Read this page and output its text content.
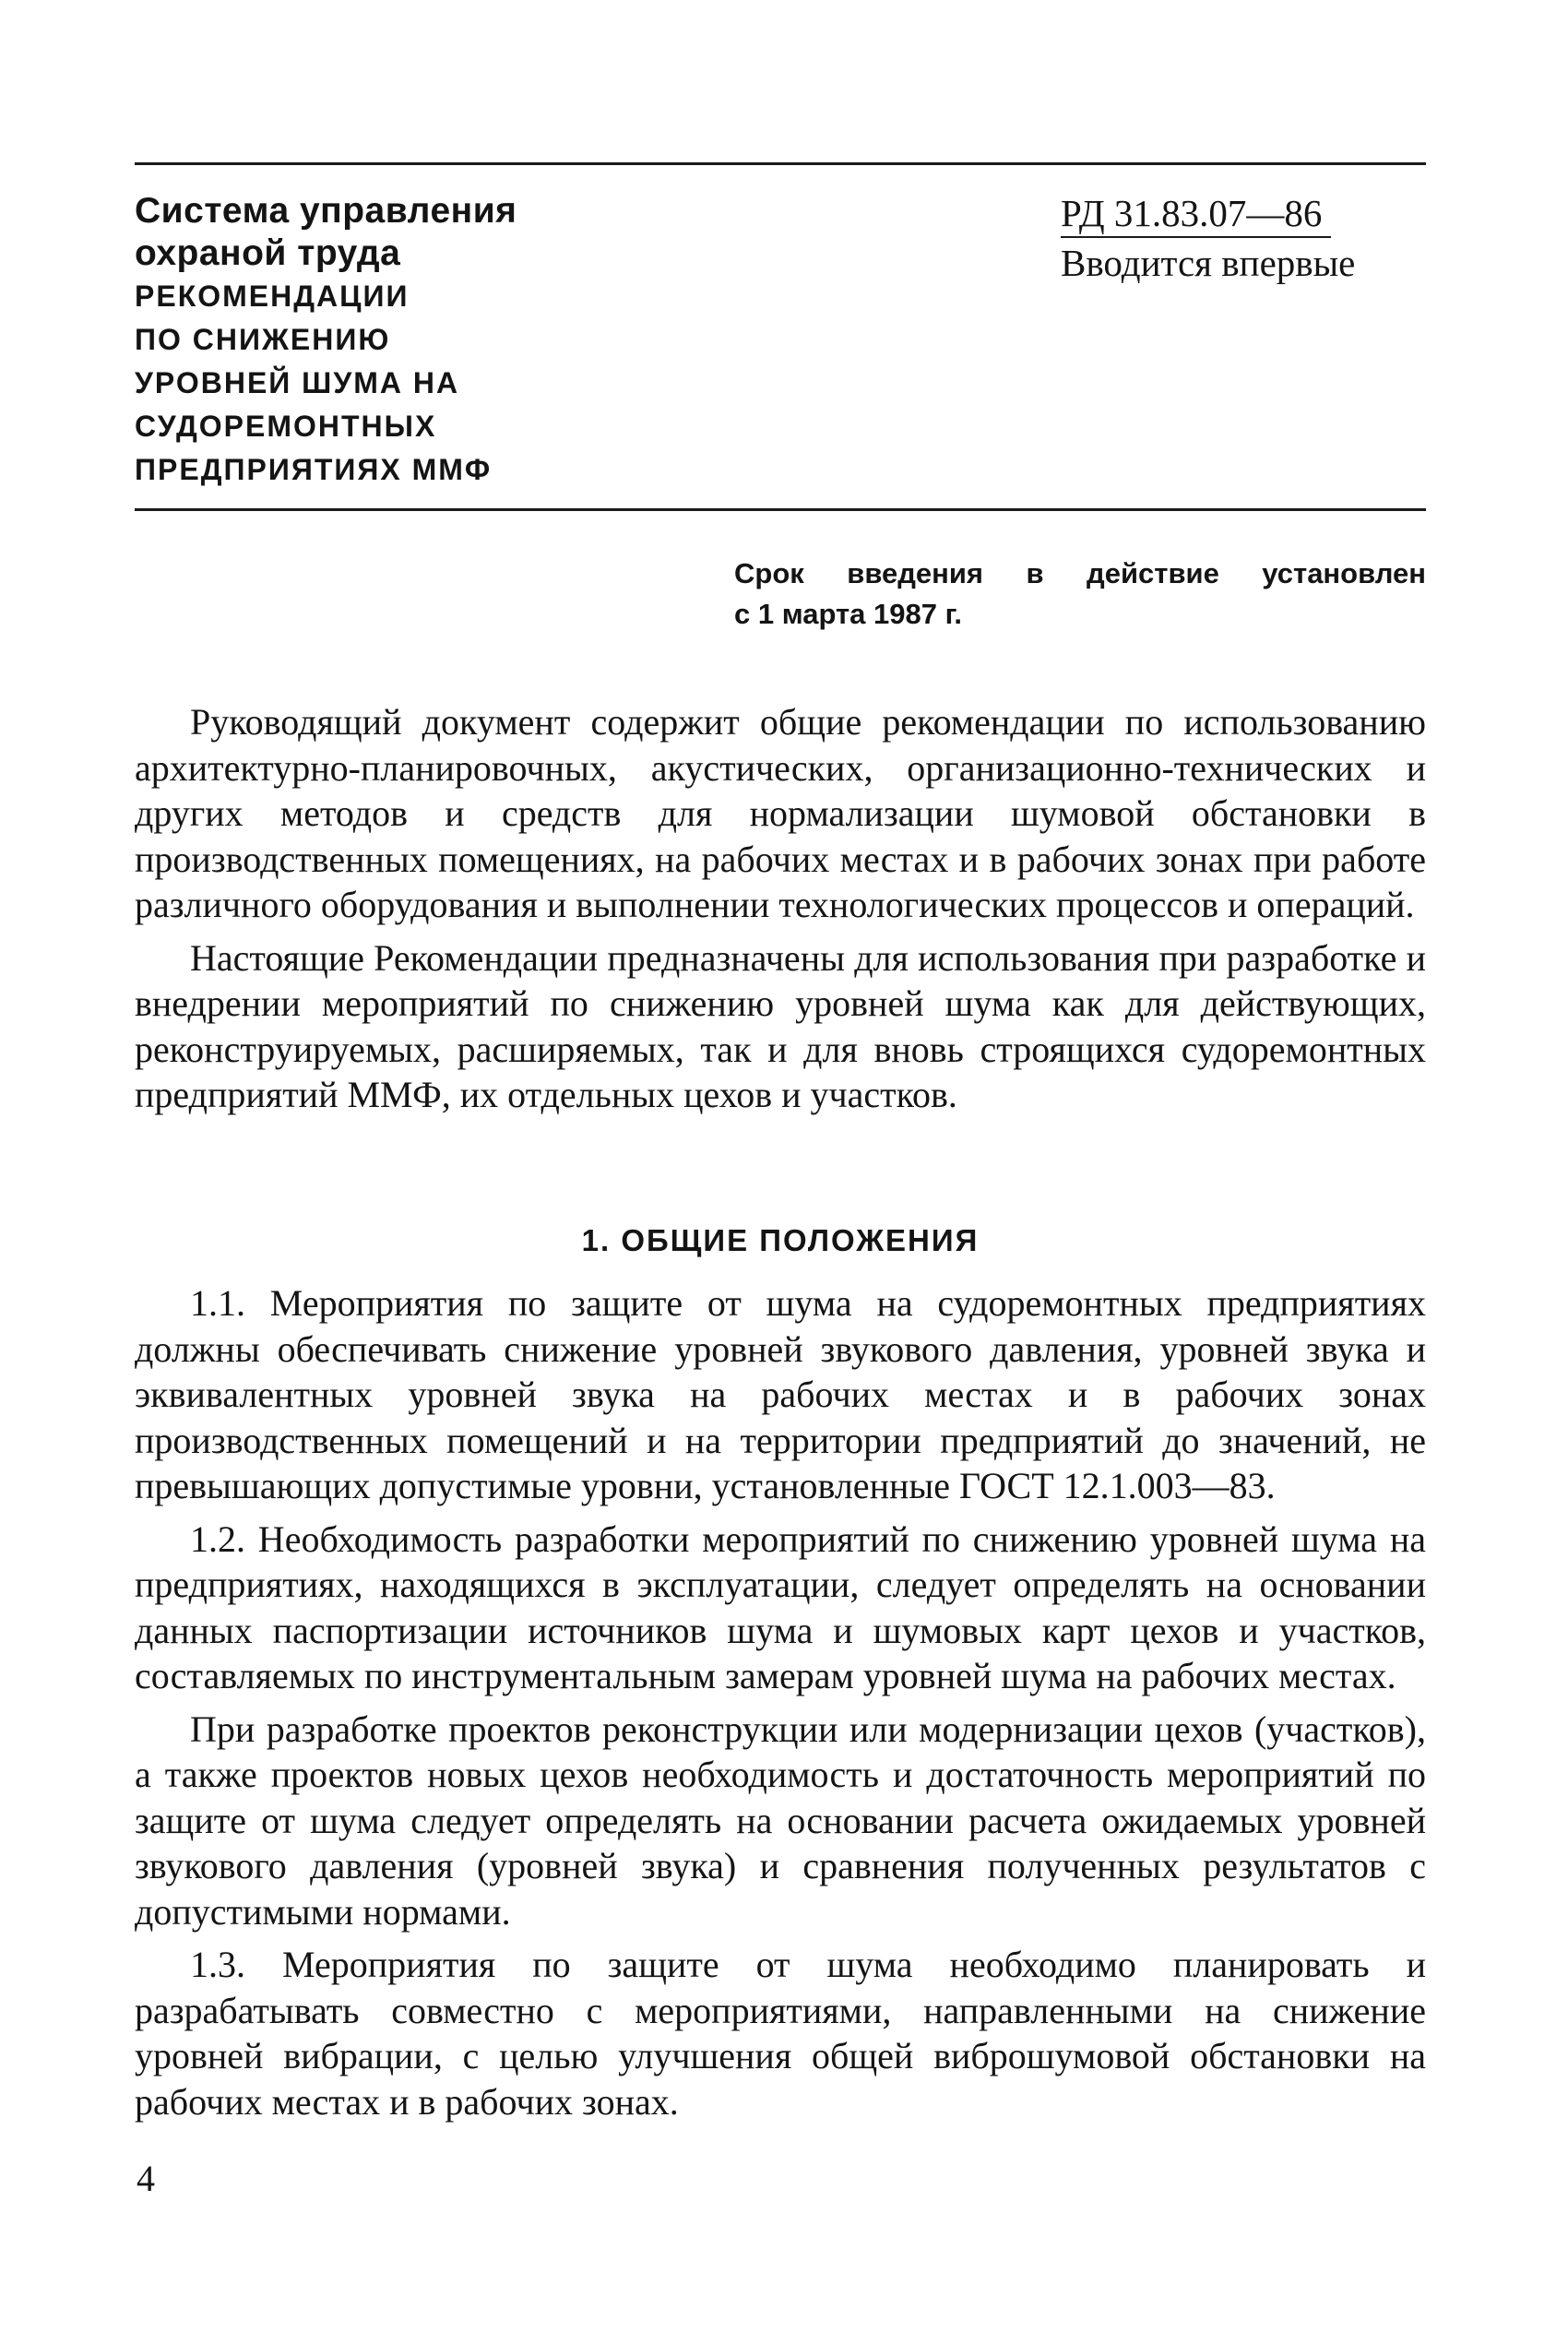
Система управления
охраной труда
РЕКОМЕНДАЦИИ
ПО СНИЖЕНИЮ
УРОВНЕЙ ШУМА НА
СУДОРЕМОНТНЫХ
ПРЕДПРИЯТИЯХ ММФ
РД 31.83.07—86
Вводится впервые
Срок введения в действие установлен
с 1 марта 1987 г.

Руководящий документ содержит общие рекомендации по использованию архитектурно-планировочных, акустических, организационно-технических и других методов и средств для нормализации шумовой обстановки в производственных помещениях, на рабочих местах и в рабочих зонах при работе различного оборудования и выполнении технологических процессов и операций.

Настоящие Рекомендации предназначены для использования при разработке и внедрении мероприятий по снижению уровней шума как для действующих, реконструируемых, расширяемых, так и для вновь строящихся судоремонтных предприятий ММФ, их отдельных цехов и участков.

1. ОБЩИЕ ПОЛОЖЕНИЯ

1.1. Мероприятия по защите от шума на судоремонтных предприятиях должны обеспечивать снижение уровней звукового давления, уровней звука и эквивалентных уровней звука на рабочих местах и в рабочих зонах производственных помещений и на территории предприятий до значений, не превышающих допустимые уровни, установленные ГОСТ 12.1.003—83.

1.2. Необходимость разработки мероприятий по снижению уровней шума на предприятиях, находящихся в эксплуатации, следует определять на основании данных паспортизации источников шума и шумовых карт цехов и участков, составляемых по инструментальным замерам уровней шума на рабочих местах.

При разработке проектов реконструкции или модернизации цехов (участков), а также проектов новых цехов необходимость и достаточность мероприятий по защите от шума следует определять на основании расчета ожидаемых уровней звукового давления (уровней звука) и сравнения полученных результатов с допустимыми нормами.

1.3. Мероприятия по защите от шума необходимо планировать и разрабатывать совместно с мероприятиями, направленными на снижение уровней вибрации, с целью улучшения общей виброшумовой обстановки на рабочих местах и в рабочих зонах.

4
